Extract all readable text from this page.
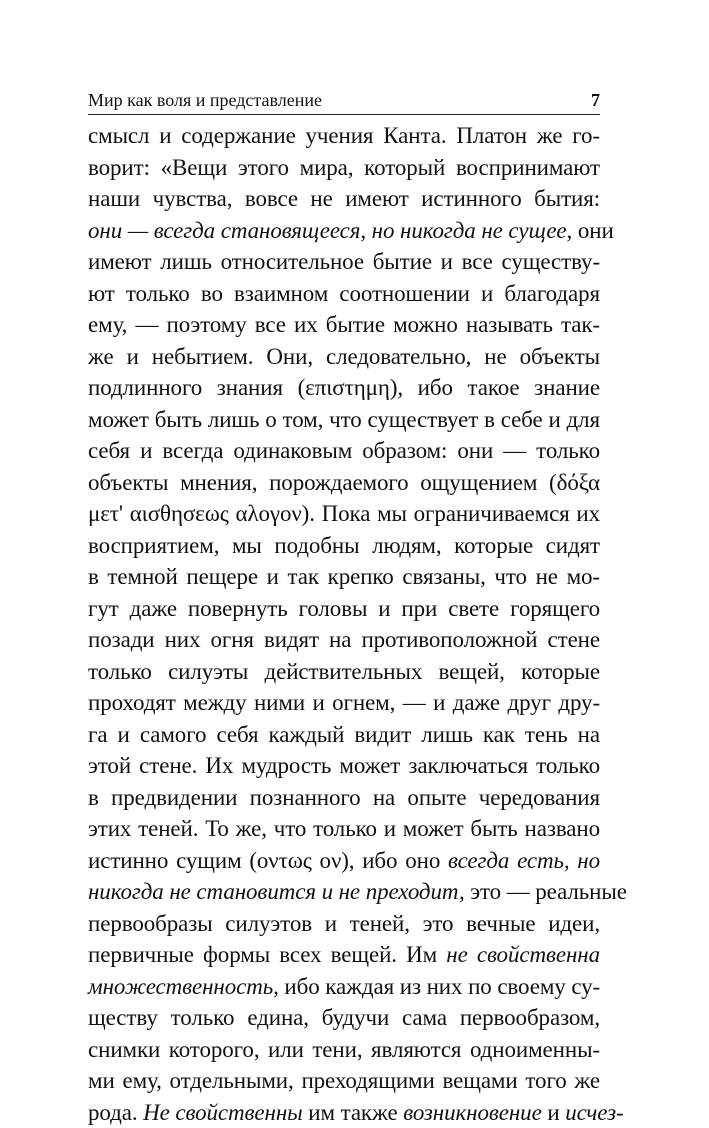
Мир как воля и представление	7
смысл и содержание учения Канта. Платон же го-
ворит: «Вещи этого мира, который воспринимают
наши чувства, вовсе не имеют истинного бытия:
они — всегда становящееся, но никогда не сущее, они
имеют лишь относительное бытие и все существу-
ют только во взаимном соотношении и благодаря
ему, — поэтому все их бытие можно называть так-
же и небытием. Они, следовательно, не объекты
подлинного знания (επιστημη), ибо такое знание
может быть лишь о том, что существует в себе и для
себя и всегда одинаковым образом: они — только
объекты мнения, порождаемого ощущением (δόξα
μετ' αισθησεως αλογον). Пока мы ограничиваемся их
восприятием, мы подобны людям, которые сидят
в темной пещере и так крепко связаны, что не мо-
гут даже повернуть головы и при свете горящего
позади них огня видят на противоположной стене
только силуэты действительных вещей, которые
проходят между ними и огнем, — и даже друг дру-
га и самого себя каждый видит лишь как тень на
этой стене. Их мудрость может заключаться только
в предвидении познанного на опыте чередования
этих теней. То же, что только и может быть названо
истинно сущим (οντως ον), ибо оно всегда есть, но
никогда не становится и не преходит, это — реальные
первообразы силуэтов и теней, это вечные идеи,
первичные формы всех вещей. Им не свойственна
множественность, ибо каждая из них по своему су-
ществу только едина, будучи сама первообразом,
снимки которого, или тени, являются одноименны-
ми ему, отдельными, преходящими вещами того же
рода. Не свойственны им также возникновение и исчез-
